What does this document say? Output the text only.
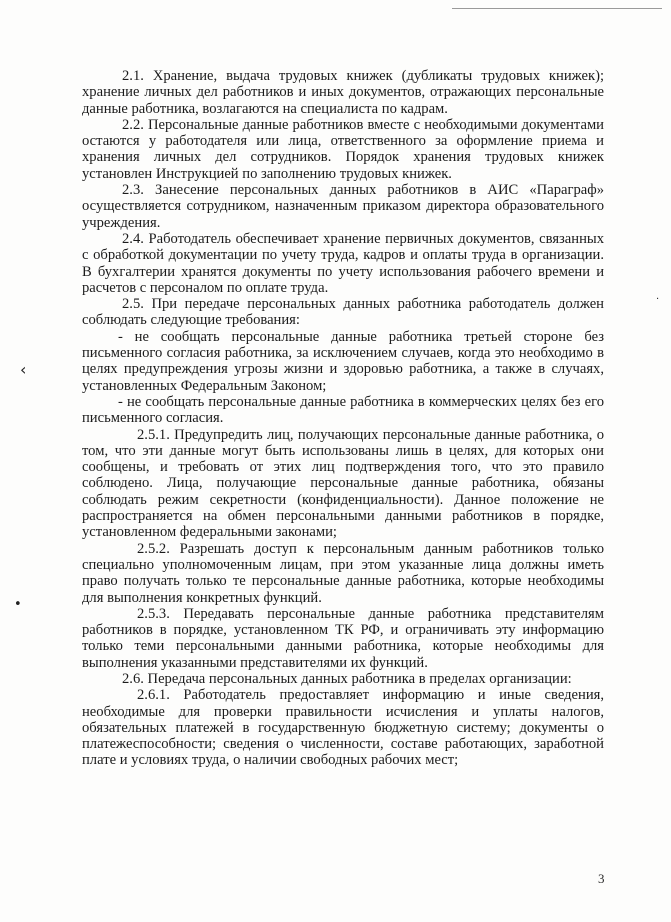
2.1. Хранение, выдача трудовых книжек (дубликаты трудовых книжек); хранение личных дел работников и иных документов, отражающих персональные данные работника, возлагаются на специалиста по кадрам.

2.2. Персональные данные работников вместе с необходимыми документами остаются у работодателя или лица, ответственного за оформление приема и хранения личных дел сотрудников. Порядок хранения трудовых книжек установлен Инструкцией по заполнению трудовых книжек.

2.3. Занесение персональных данных работников в АИС «Параграф» осуществляется сотрудником, назначенным приказом директора образовательного учреждения.

2.4. Работодатель обеспечивает хранение первичных документов, связанных с обработкой документации по учету труда, кадров и оплаты труда в организации. В бухгалтерии хранятся документы по учету использования рабочего времени и расчетов с персоналом по оплате труда.

2.5. При передаче персональных данных работника работодатель должен соблюдать следующие требования:

- не сообщать персональные данные работника третьей стороне без письменного согласия работника, за исключением случаев, когда это необходимо в целях предупреждения угрозы жизни и здоровью работника, а также в случаях, установленных Федеральным Законом;

- не сообщать персональные данные работника в коммерческих целях без его письменного согласия.

2.5.1. Предупредить лиц, получающих персональные данные работника, о том, что эти данные могут быть использованы лишь в целях, для которых они сообщены, и требовать от этих лиц подтверждения того, что это правило соблюдено. Лица, получающие персональные данные работника, обязаны соблюдать режим секретности (конфиденциальности). Данное положение не распространяется на обмен персональными данными работников в порядке, установленном федеральными законами;

2.5.2. Разрешать доступ к персональным данным работников только специально уполномоченным лицам, при этом указанные лица должны иметь право получать только те персональные данные работника, которые необходимы для выполнения конкретных функций.

2.5.3. Передавать персональные данные работника представителям работников в порядке, установленном ТК РФ, и ограничивать эту информацию только теми персональными данными работника, которые необходимы для выполнения указанными представителями их функций.

2.6. Передача персональных данных работника в пределах организации:

2.6.1. Работодатель предоставляет информацию и иные сведения, необходимые для проверки правильности исчисления и уплаты налогов, обязательных платежей в государственную бюджетную систему; документы о платежеспособности; сведения о численности, составе работающих, заработной плате и условиях труда, о наличии свободных рабочих мест;

‹
•
·
3
